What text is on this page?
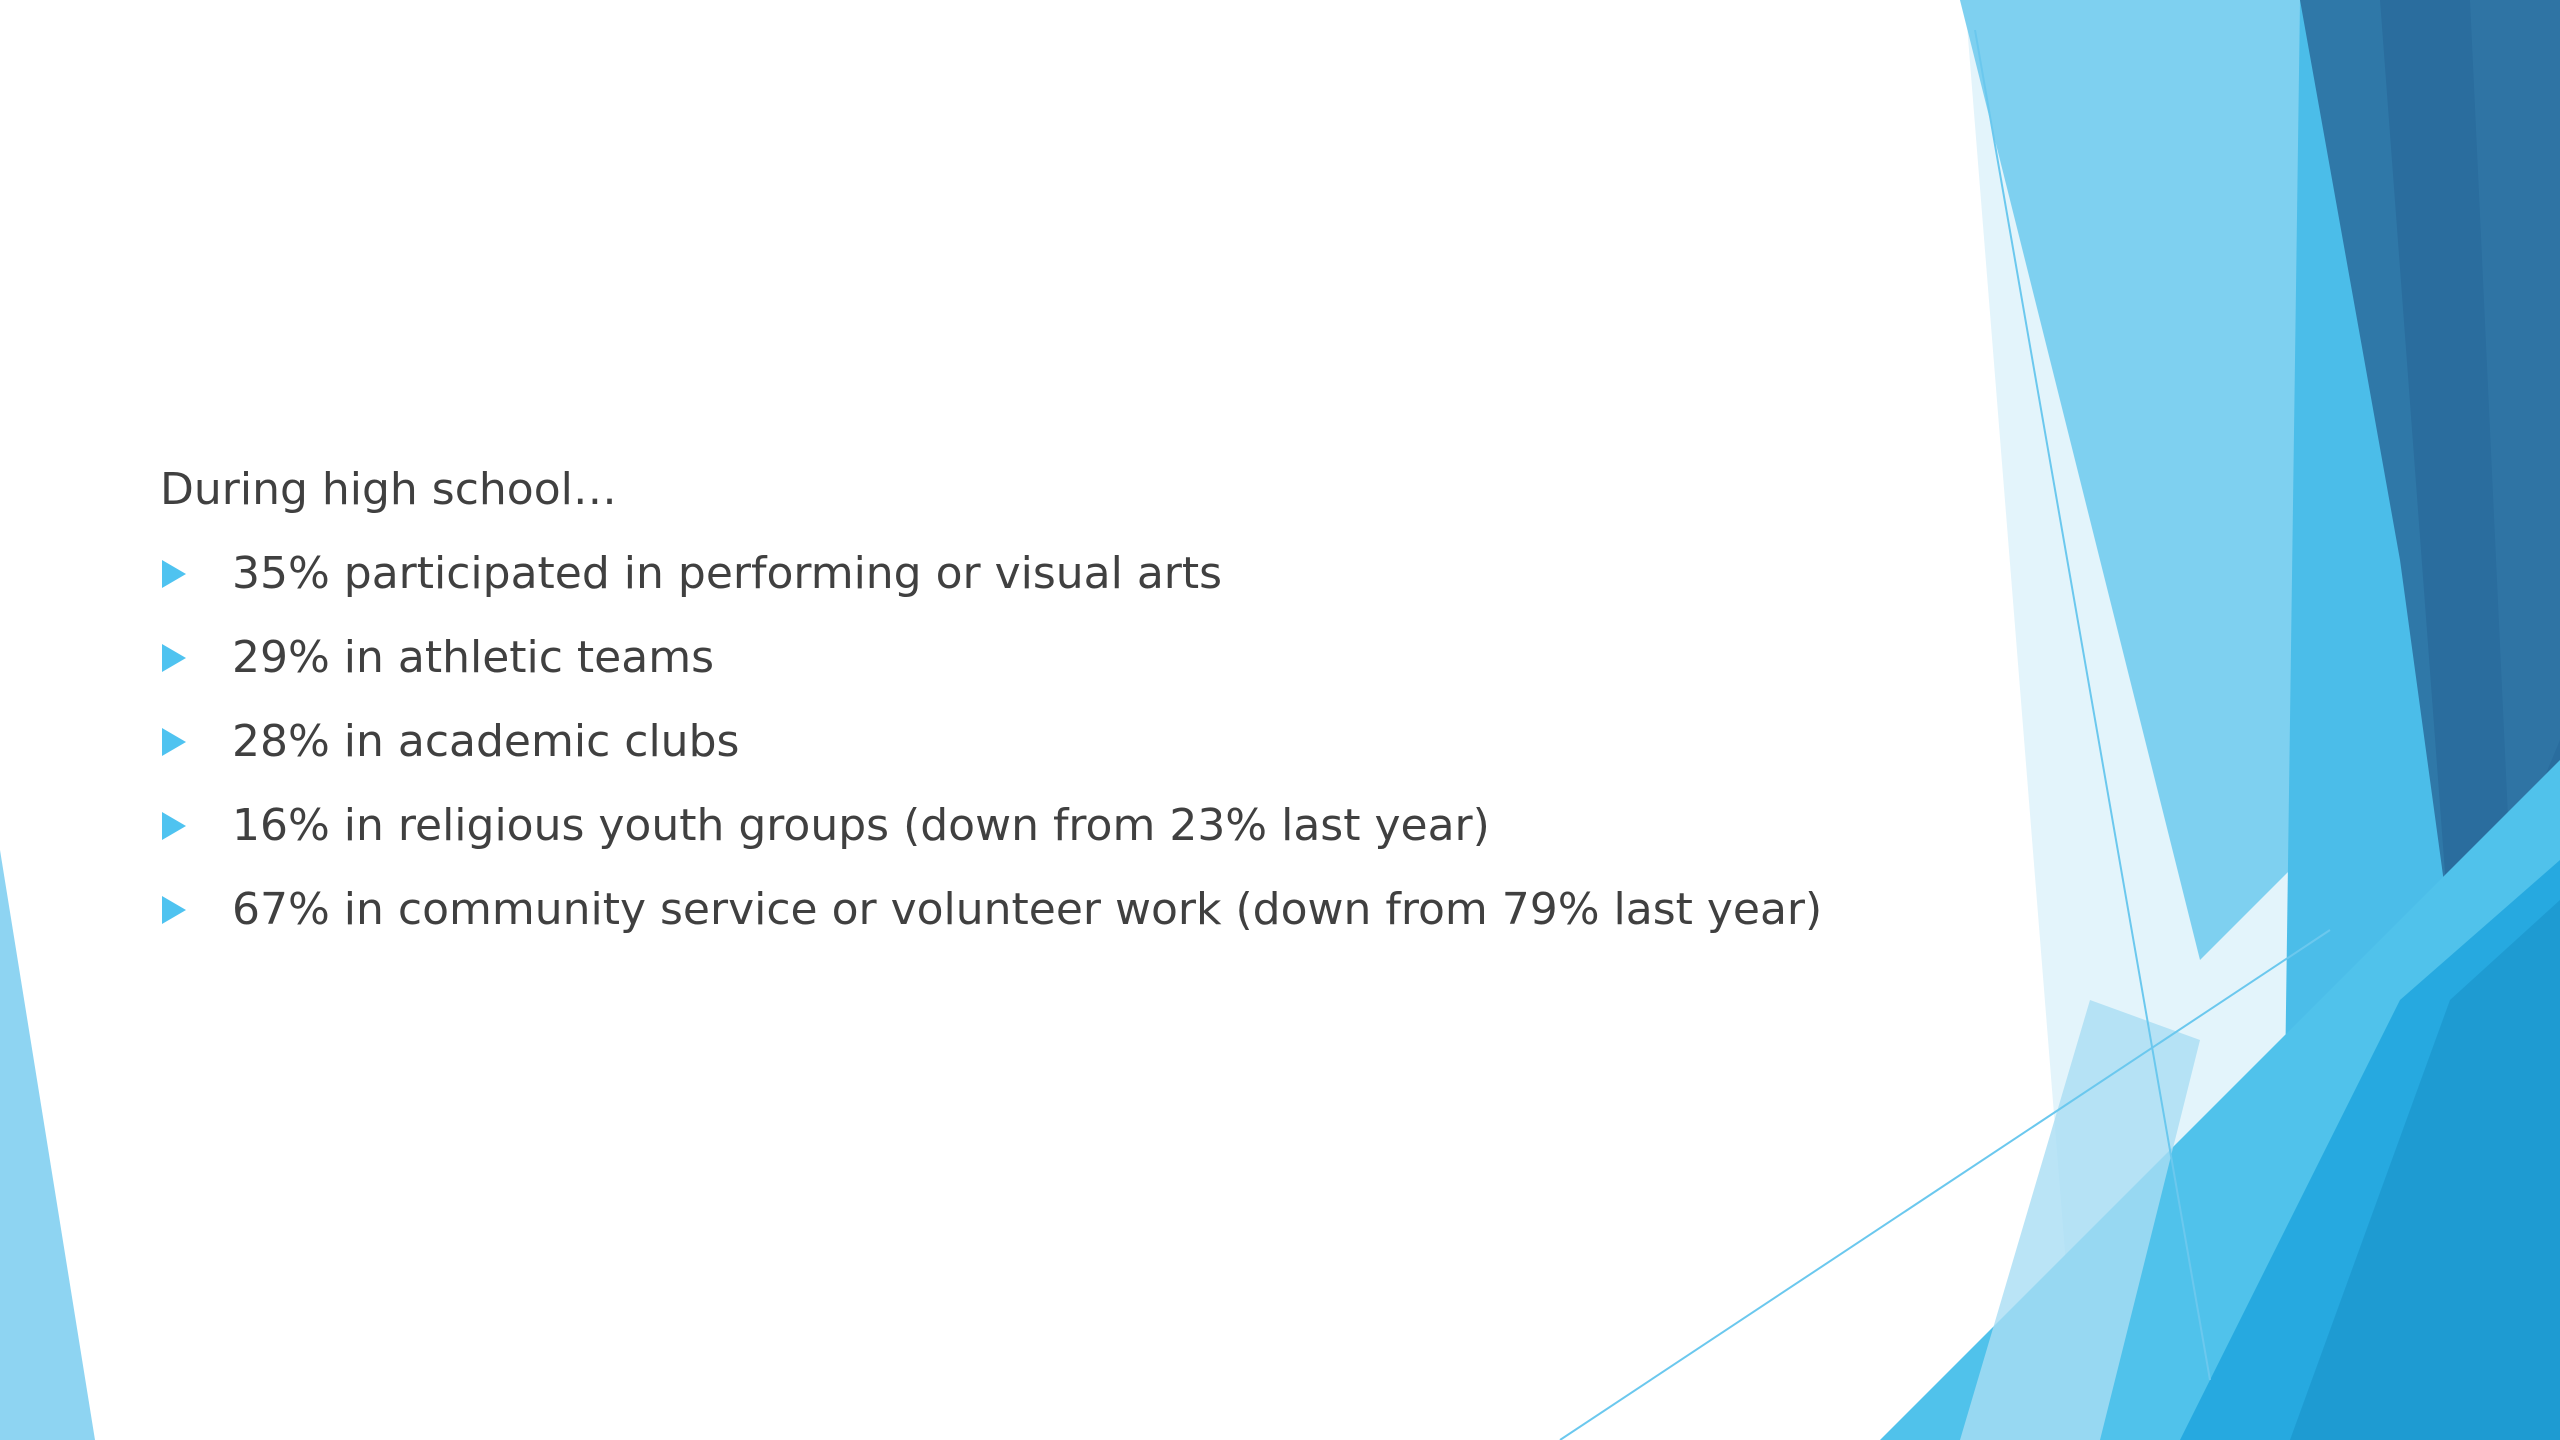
During high school…
35% participated in performing or visual arts
29% in athletic teams
28% in academic clubs
16% in religious youth groups (down from 23% last year)
67% in community service or volunteer work (down from 79% last year)
